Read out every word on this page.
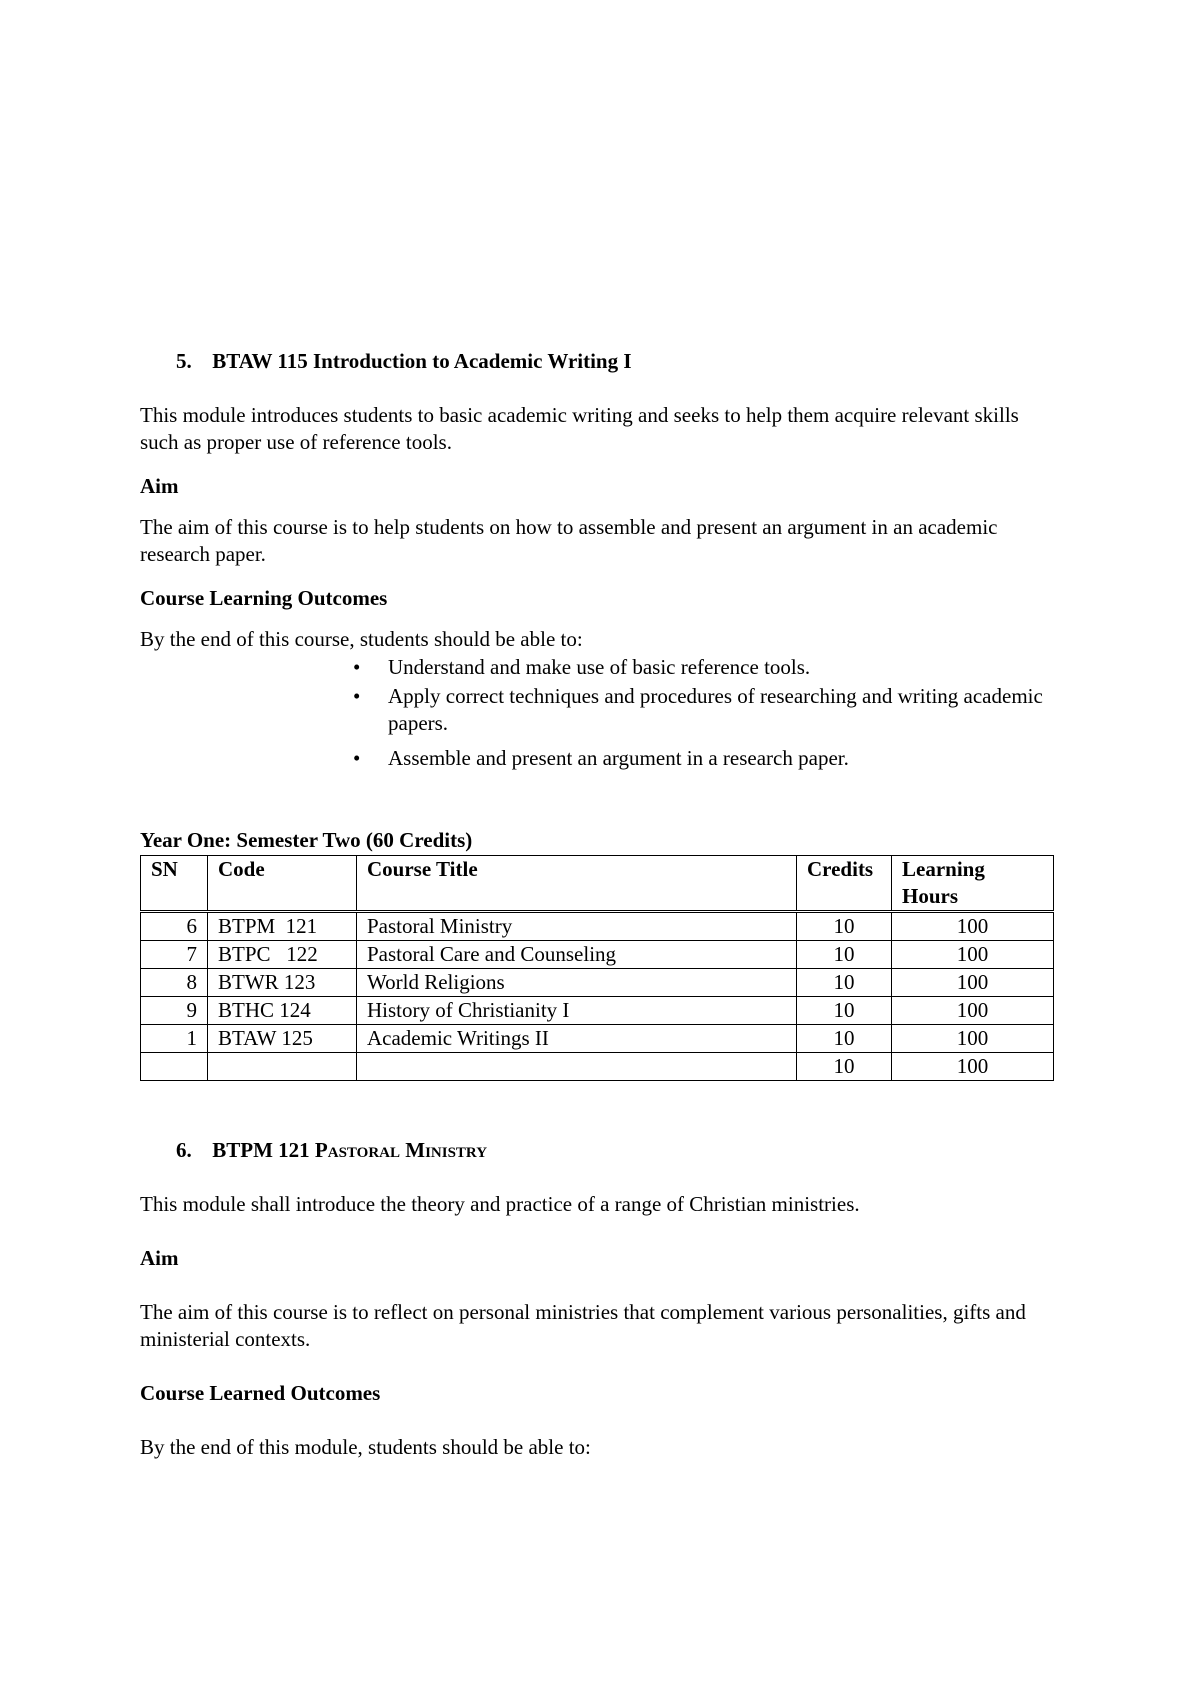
5. BTAW 115 Introduction to Academic Writing I
This module introduces students to basic academic writing and seeks to help them acquire relevant skills such as proper use of reference tools.
Aim
The aim of this course is to help students on how to assemble and present an argument in an academic research paper.
Course Learning Outcomes
By the end of this course, students should be able to:
• Understand and make use of basic reference tools.
• Apply correct techniques and procedures of researching and writing academic papers.
• Assemble and present an argument in a research paper.
Year One: Semester Two (60 Credits)
SN	Code	Course Title	Credits	Learning Hours
6	BTPM  121	Pastoral Ministry	10	100
7	BTPC   122	Pastoral Care and Counseling	10	100
8	BTWR 123	World Religions	10	100
9	BTHC 124	History of Christianity I	10	100
1	BTAW 125	Academic Writings II	10	100
			10	100
6. BTPM 121 Pastoral Ministry
This module shall introduce the theory and practice of a range of Christian ministries.
Aim
The aim of this course is to reflect on personal ministries that complement various personalities, gifts and ministerial contexts.
Course Learned Outcomes
By the end of this module, students should be able to:
